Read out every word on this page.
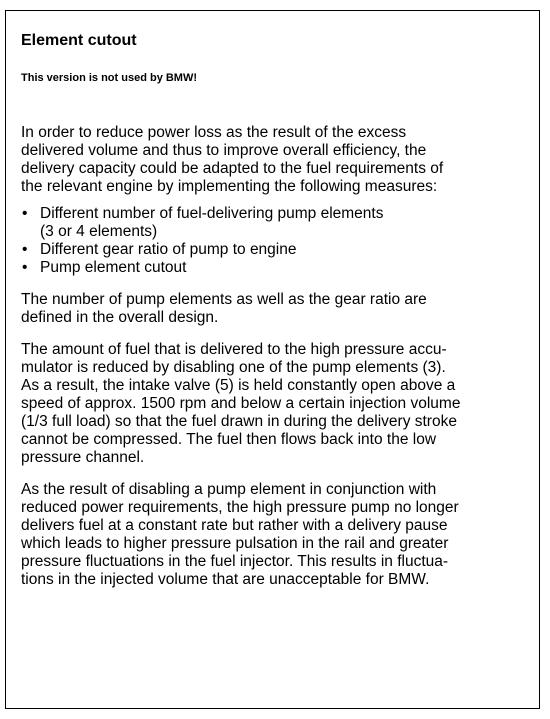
Element cutout

This version is not used by BMW!

In order to reduce power loss as the result of the excess
delivered volume and thus to improve overall efficiency, the
delivery capacity could be adapted to the fuel requirements of
the relevant engine by implementing the following measures:

• Different number of fuel-delivering pump elements
(3 or 4 elements)
• Different gear ratio of pump to engine
• Pump element cutout

The number of pump elements as well as the gear ratio are
defined in the overall design.

The amount of fuel that is delivered to the high pressure accu-
mulator is reduced by disabling one of the pump elements (3).
As a result, the intake valve (5) is held constantly open above a
speed of approx. 1500 rpm and below a certain injection volume
(1/3 full load) so that the fuel drawn in during the delivery stroke
cannot be compressed. The fuel then flows back into the low
pressure channel.

As the result of disabling a pump element in conjunction with
reduced power requirements, the high pressure pump no longer
delivers fuel at a constant rate but rather with a delivery pause
which leads to higher pressure pulsation in the rail and greater
pressure fluctuations in the fuel injector. This results in fluctua-
tions in the injected volume that are unacceptable for BMW.
